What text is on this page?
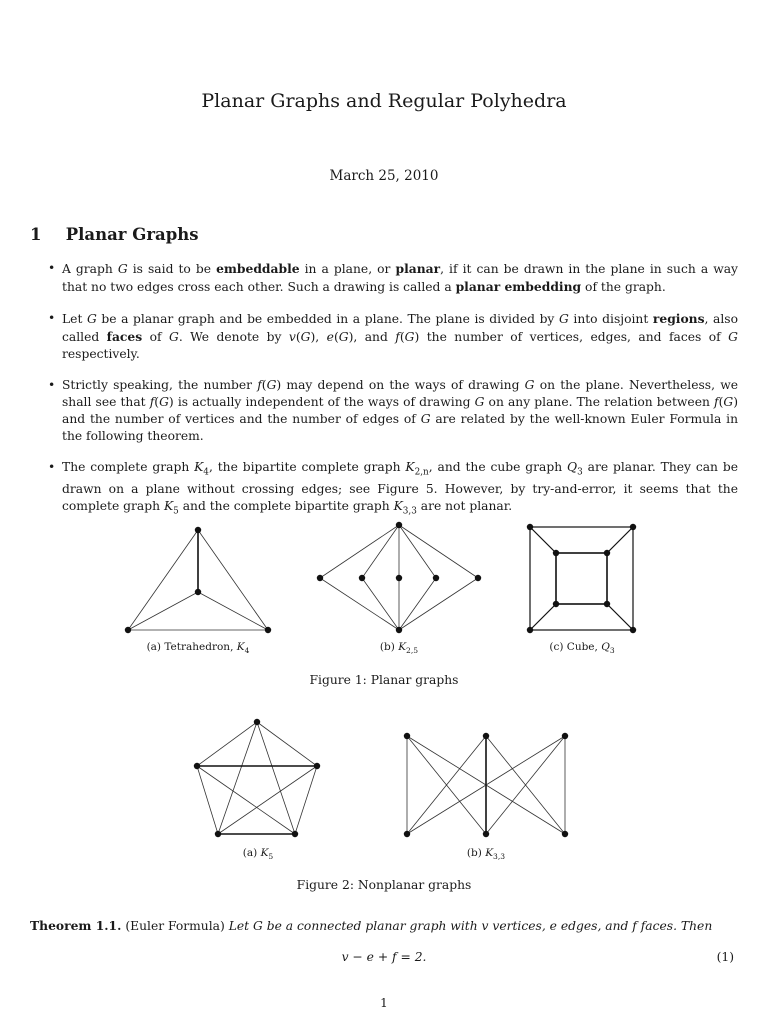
Planar Graphs and Regular Polyhedra
March 25, 2010
1 Planar Graphs
• A graph G is said to be embeddable in a plane, or planar, if it can be drawn in the plane in such a way that no two edges cross each other. Such a drawing is called a planar embedding of the graph.
• Let G be a planar graph and be embedded in a plane. The plane is divided by G into disjoint regions, also called faces of G. We denote by v(G), e(G), and f(G) the number of vertices, edges, and faces of G respectively.
• Strictly speaking, the number f(G) may depend on the ways of drawing G on the plane. Nevertheless, we shall see that f(G) is actually independent of the ways of drawing G on any plane. The relation between f(G) and the number of vertices and the number of edges of G are related by the well-known Euler Formula in the following theorem.
• The complete graph $K_4$, the bipartite complete graph $K_{2,n}$, and the cube graph $Q_3$ are planar. They can be drawn on a plane without crossing edges; see Figure 5. However, by try-and-error, it seems that the complete graph $K_5$ and the complete bipartite graph $K_{3,3}$ are not planar.
(a) Tetrahedron, $K_4$	(b) $K_{2,5}$	(c) Cube, $Q_3$
Figure 1: Planar graphs
(a) $K_5$	(b) $K_{3,3}$
Figure 2: Nonplanar graphs
Theorem 1.1. (Euler Formula) Let G be a connected planar graph with v vertices, e edges, and f faces. Then
v − e + f = 2.	(1)
1
